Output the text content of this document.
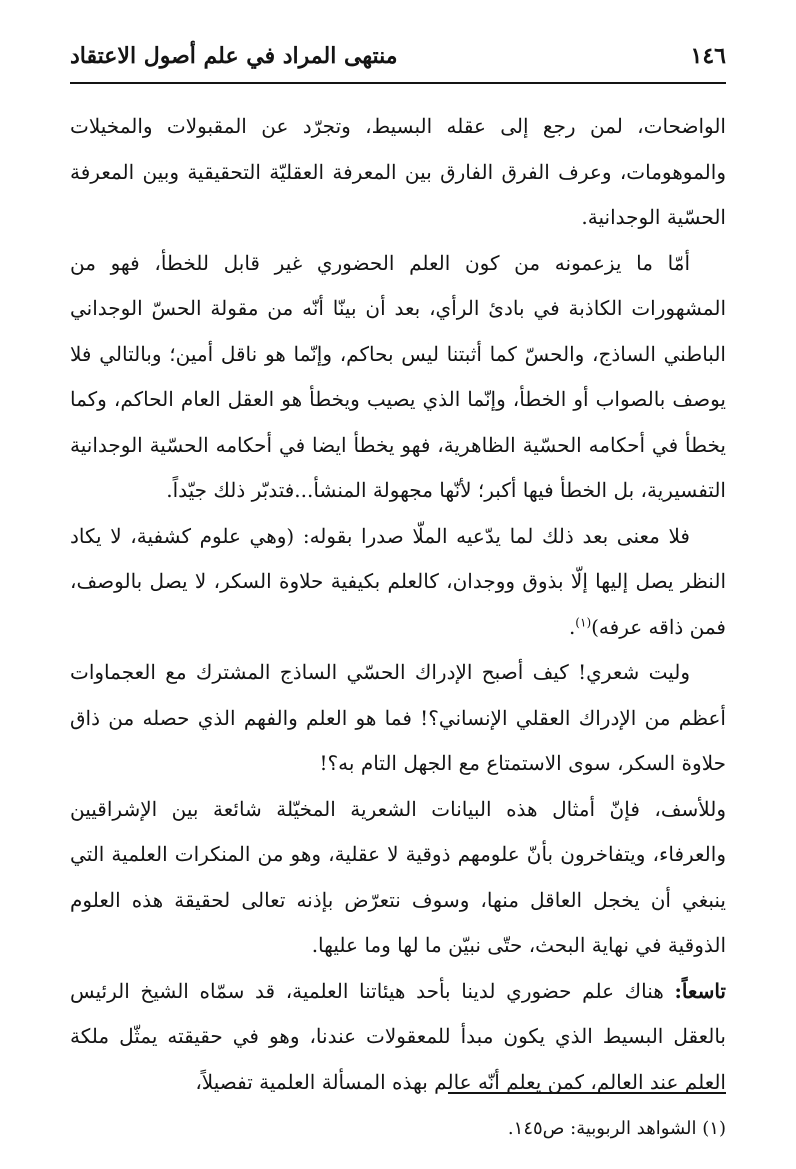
١٤٦
منتهى المراد في علم أصول الاعتقاد

الواضحات، لمن رجع إلى عقله البسيط، وتجرّد عن المقبولات والمخيلات والموهومات، وعرف الفرق الفارق بين المعرفة العقليّة التحقيقية وبين المعرفة الحسّية الوجدانية.

أمّا ما يزعمونه من كون العلم الحضوري غير قابل للخطأ، فهو من المشهورات الكاذبة في بادئ الرأي، بعد أن بينّا أنّه من مقولة الحسّ الوجداني الباطني الساذج، والحسّ كما أثبتنا ليس بحاكم، وإنّما هو ناقل أمين؛ وبالتالي فلا يوصف بالصواب أو الخطأ، وإنّما الذي يصيب ويخطأ هو العقل العام الحاكم، وكما يخطأ في أحكامه الحسّية الظاهرية، فهو يخطأ ايضا في أحكامه الحسّية الوجدانية التفسيرية، بل الخطأ فيها أكبر؛ لأنّها مجهولة المنشأ...فتدبّر ذلك جيّداً.

فلا معنى بعد ذلك لما يدّعيه الملّا صدرا بقوله: (وهي علوم كشفية، لا يكاد النظر يصل إليها إلّا بذوق ووجدان، كالعلم بكيفية حلاوة السكر، لا يصل بالوصف، فمن ذاقه عرفه)$^{(١)}$.

وليت شعري! كيف أصبح الإدراك الحسّي الساذج المشترك مع العجماوات أعظم من الإدراك العقلي الإنساني؟! فما هو العلم والفهم الذي حصله من ذاق حلاوة السكر، سوى الاستمتاع مع الجهل التام به؟!

وللأسف، فإنّ أمثال هذه البيانات الشعرية المخيّلة شائعة بين الإشراقيين والعرفاء، ويتفاخرون بأنّ علومهم ذوقية لا عقلية، وهو من المنكرات العلمية التي ينبغي أن يخجل العاقل منها، وسوف نتعرّض بإذنه تعالى لحقيقة هذه العلوم الذوقية في نهاية البحث، حتّى نبيّن ما لها وما عليها.

تاسعاً: هناك علم حضوري لدينا بأحد هيئاتنا العلمية، قد سمّاه الشيخ الرئيس بالعقل البسيط الذي يكون مبدأ للمعقولات عندنا، وهو في حقيقته يمثّل ملكة العلم عند العالم، كمن يعلم أنّه عالم بهذه المسألة العلمية تفصيلاً،

(١) الشواهد الربوبية: ص١٤٥.
